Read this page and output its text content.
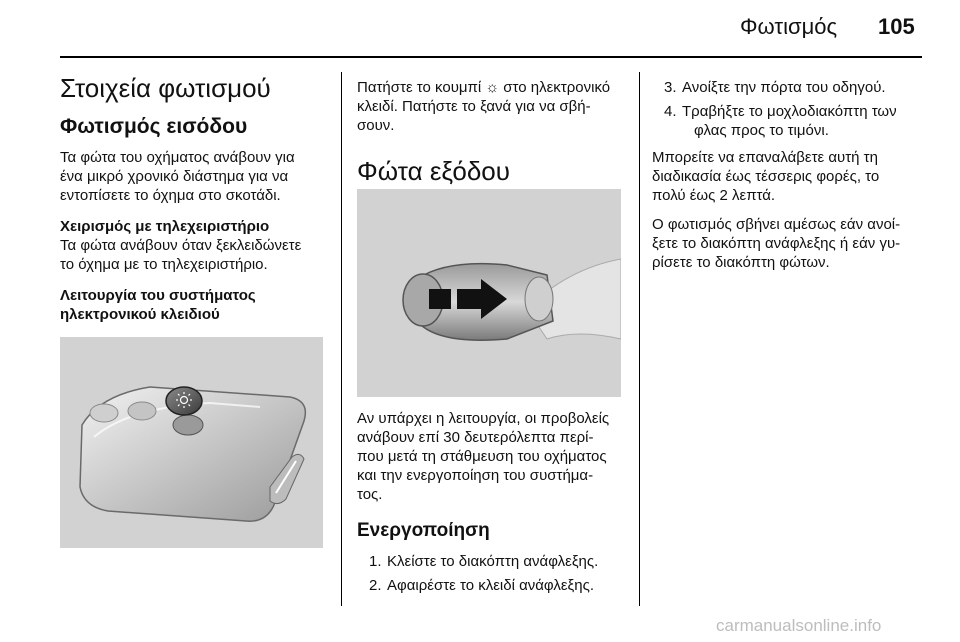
Φωτισμός 105
Στοιχεία φωτισμού
Φωτισμός εισόδου

Τα φώτα του οχήματος ανάβουν για

ένα μικρό χρονικό διάστημα για να

εντοπίσετε το όχημα στο σκοτάδι.

Χειρισμός με τηλεχειριστήριο

Τα φώτα ανάβουν όταν ξεκλειδώνετε

το όχημα με το τηλεχειριστήριο.

Λειτουργία του συστήματος

ηλεκτρονικού κλειδιού

Πατήστε το κουμπί ☼ στο ηλεκτρονικό

κλειδί. Πατήστε το ξανά για να σβή-

σουν.

Φώτα εξόδου

Αν υπάρχει η λειτουργία, οι προβολείς

ανάβουν επί 30 δευτερόλεπτα περί-

που μετά τη στάθμευση του οχήματος

και την ενεργοποίηση του συστήμα-

τος.

Ενεργοποίηση
1. Κλείστε το διακόπτη ανάφλεξης.
2. Αφαιρέστε το κλειδί ανάφλεξης.
3. Ανοίξτε την πόρτα του οδηγού.
4. Τραβήξτε το μοχλοδιακόπτη των
φλας προς το τιμόνι.

Μπορείτε να επαναλάβετε αυτή τη

διαδικασία έως τέσσερις φορές, το

πολύ έως 2 λεπτά.

Ο φωτισμός σβήνει αμέσως εάν ανοί-

ξετε το διακόπτη ανάφλεξης ή εάν γυ-

ρίσετε το διακόπτη φώτων.

carmanualsonline.info
